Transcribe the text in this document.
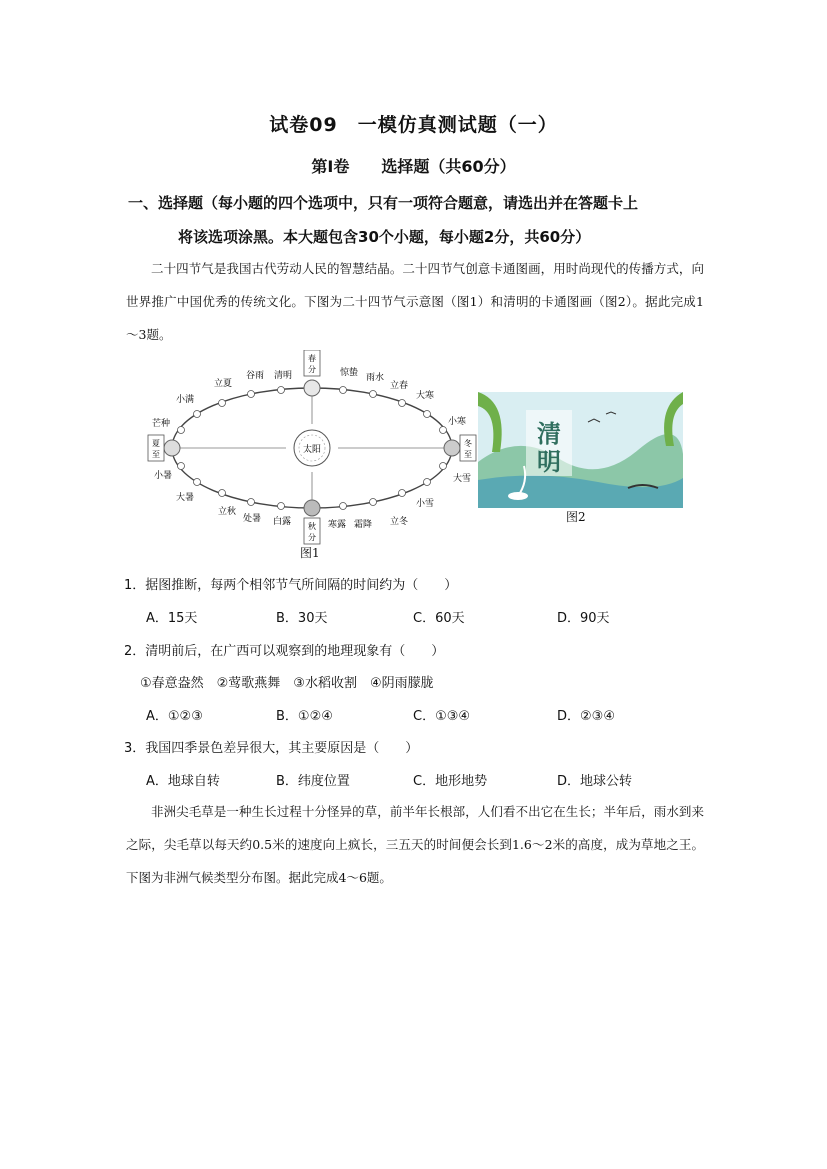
试卷09　一模仿真测试题（一）
第Ⅰ卷　　选择题（共60分）
一、选择题（每小题的四个选项中，只有一项符合题意，请选出并在答题卡上
将该选项涂黑。本大题包含30个小题，每小题2分，共60分）
二十四节气是我国古代劳动人民的智慧结晶。二十四节气创意卡通图画，用时尚现代的传播方式，向世界推广中国优秀的传统文化。下图为二十四节气示意图（图1）和清明的卡通图画（图2）。据此完成1～3题。
太阳
春
分
秋
分
夏
至
冬
至
惊蛰 雨水
立春
大寒
小寒
大雪
小雪
立冬
霜降
寒露
白露
处暑
立秋
大暑
小暑
芒种
小满
立夏
谷雨 清明
图1
清
明
图2
1．据图推断，每两个相邻节气所间隔的时间约为（　　）
A．15天	B．30天	C．60天	D．90天
2．清明前后，在广西可以观察到的地理现象有（　　）
①春意盎然　②莺歌燕舞　③水稻收割　④阴雨朦胧
A．①②③	B．①②④	C．①③④	D．②③④
3．我国四季景色差异很大，其主要原因是（　　）
A．地球自转	B．纬度位置	C．地形地势	D．地球公转
非洲尖毛草是一种生长过程十分怪异的草，前半年长根部，人们看不出它在生长；半年后，雨水到来之际，尖毛草以每天约0.5米的速度向上疯长，三五天的时间便会长到1.6～2米的高度，成为草地之王。下图为非洲气候类型分布图。据此完成4～6题。
